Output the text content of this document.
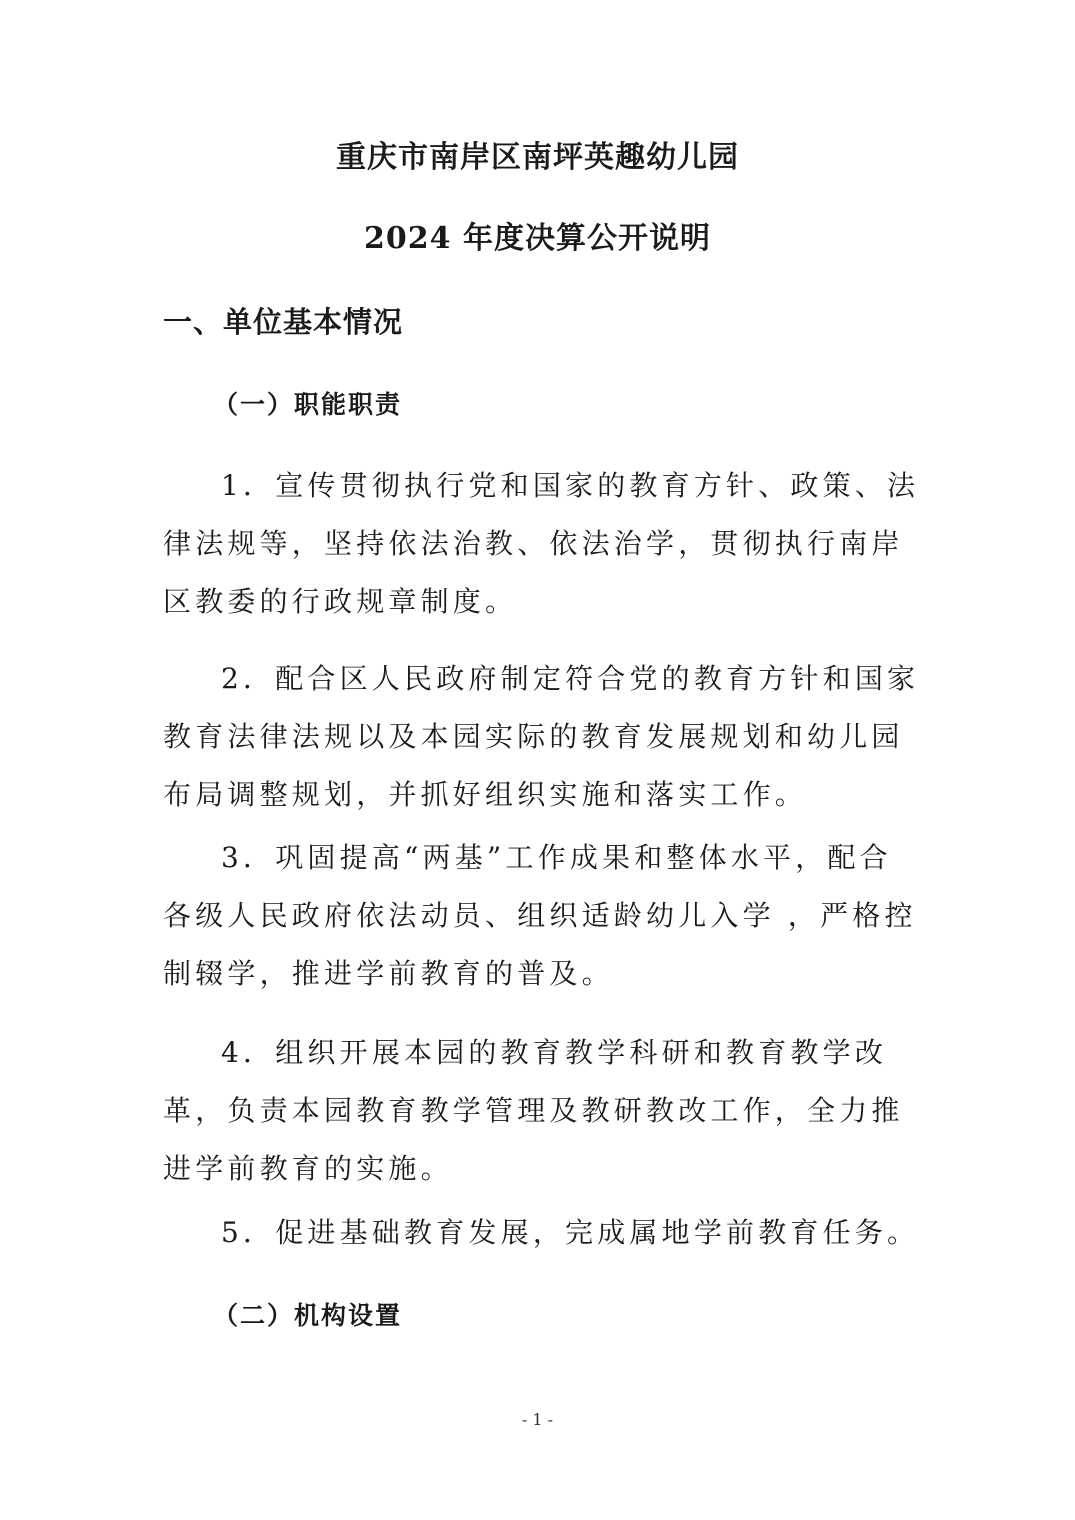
重庆市南岸区南坪英趣幼儿园
2024 年度决算公开说明
一、单位基本情况
（一）职能职责

1．宣传贯彻执行党和国家的教育方针、政策、法律法规等，坚持依法治教、依法治学，贯彻执行南岸区教委的行政规章制度。

2．配合区人民政府制定符合党的教育方针和国家教育法律法规以及本园实际的教育发展规划和幼儿园布局调整规划，并抓好组织实施和落实工作。

3．巩固提高“两基”工作成果和整体水平，配合各级人民政府依法动员、组织适龄幼儿入学 ，严格控制辍学，推进学前教育的普及。

4．组织开展本园的教育教学科研和教育教学改革，负责本园教育教学管理及教研教改工作，全力推进学前教育的实施。

5．促进基础教育发展，完成属地学前教育任务。

（二）机构设置
- 1 -
